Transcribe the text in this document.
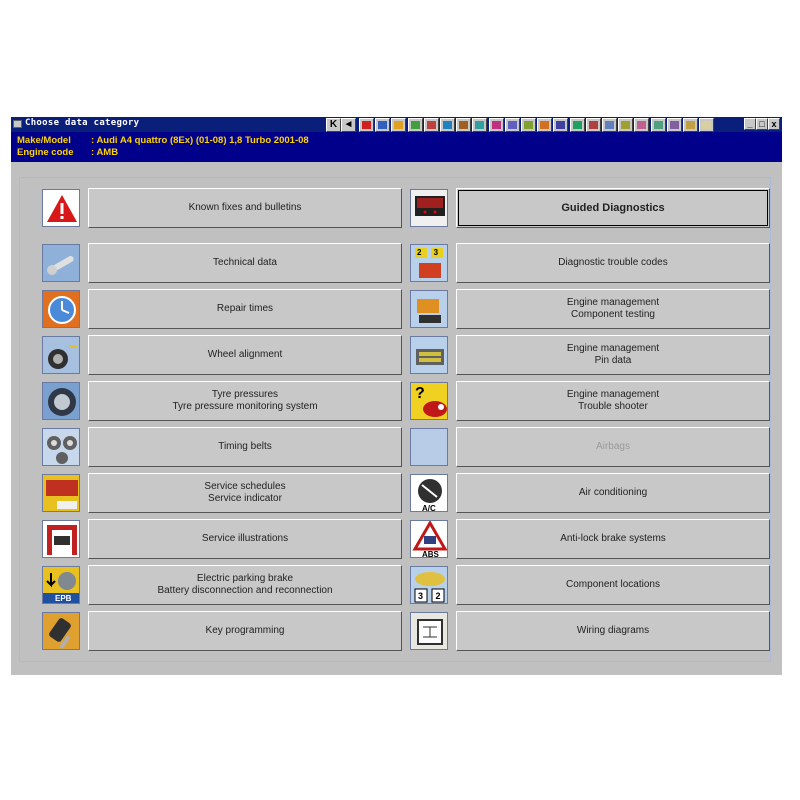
Choose data category	K ◄	_ □ x
Make/Model : Audi A4 quattro (8Ex) (01-08) 1,8 Turbo 2001-08
Engine code : AMB
Known fixes and bulletins
Technical data
Repair times
Wheel alignment
Tyre pressures
Tyre pressure monitoring system
Timing belts
Service schedules
Service indicator
Service illustrations
EPB
Electric parking brake
Battery disconnection and reconnection
Key programming
Guided Diagnostics
2 3
Diagnostic trouble codes
Engine management
Component testing
Engine management
Pin data
?	Engine management
Trouble shooter
Airbags
A/C
Air conditioning
ABS
Anti-lock brake systems
3 2
Component locations
Wiring diagrams
